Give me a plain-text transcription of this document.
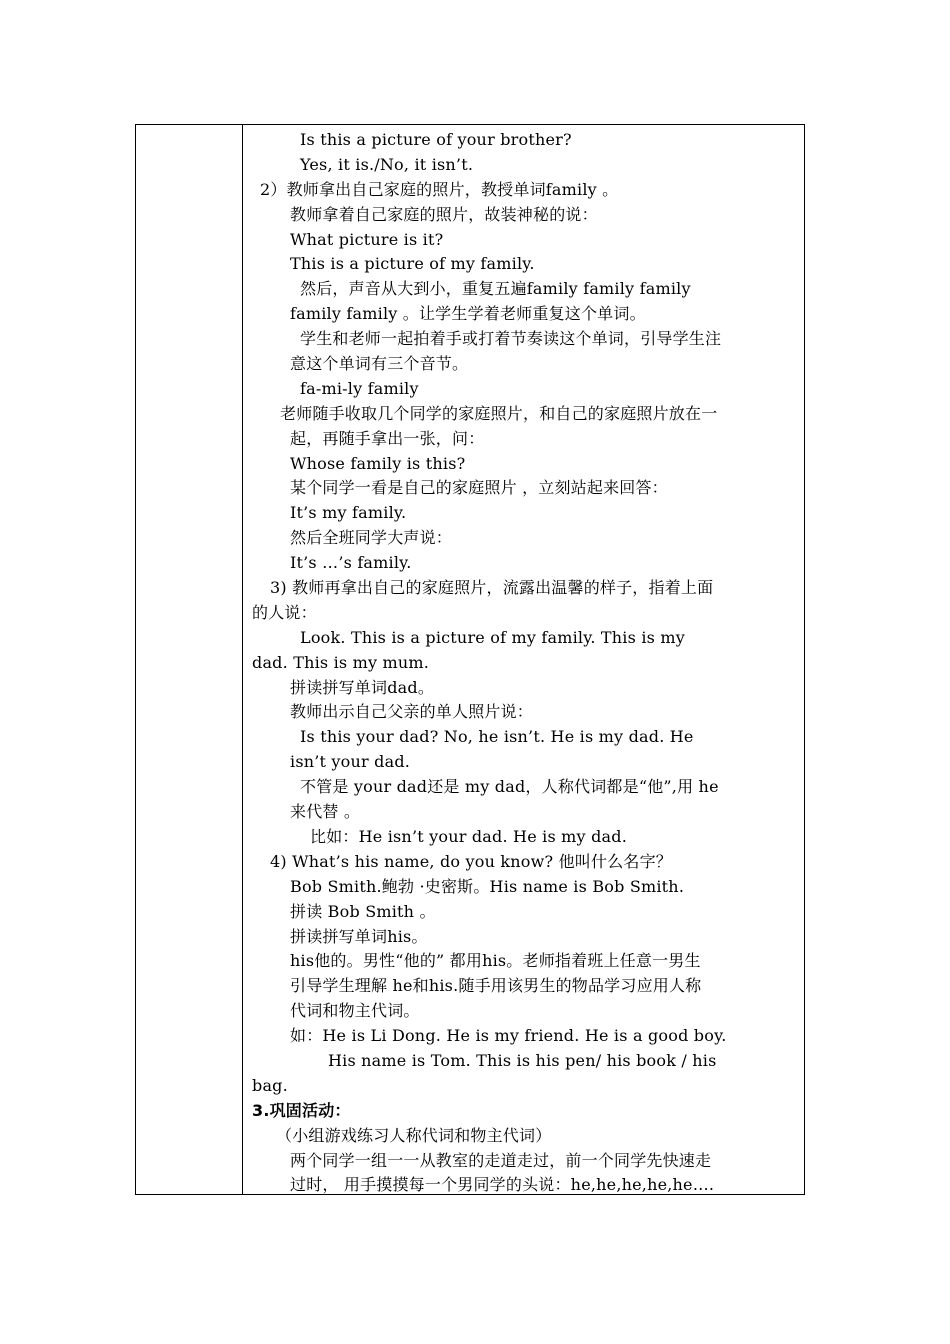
Is this a picture of your brother?
Yes, it is./No, it isn’t.
2）教师拿出自己家庭的照片，教授单词family 。
教师拿着自己家庭的照片，故装神秘的说：
What picture is it?
This is a picture of my family.
然后，声音从大到小，重复五遍family family family
family family 。让学生学着老师重复这个单词。
学生和老师一起拍着手或打着节奏读这个单词，引导学生注
意这个单词有三个音节。
fa-mi-ly family
老师随手收取几个同学的家庭照片，和自己的家庭照片放在一
起，再随手拿出一张，问：
Whose family is this?
某个同学一看是自己的家庭照片 ，立刻站起来回答：
It’s my family.
然后全班同学大声说：
It’s …’s family.
3) 教师再拿出自己的家庭照片，流露出温馨的样子，指着上面
的人说：
Look. This is a picture of my family. This is my
dad. This is my mum.
拼读拼写单词dad。
教师出示自己父亲的单人照片说：
Is this your dad? No, he isn’t. He is my dad. He
isn’t your dad.
不管是 your dad还是 my dad，人称代词都是“他”,用 he
来代替 。
比如：He isn’t your dad. He is my dad.
4) What’s his name, do you know? 他叫什么名字？
Bob Smith.鲍勃 ·史密斯。His name is Bob Smith.
拼读 Bob Smith 。
拼读拼写单词his。
his他的。男性“他的” 都用his。老师指着班上任意一男生
引导学生理解 he和his.随手用该男生的物品学习应用人称
代词和物主代词。
如：He is Li Dong. He is my friend. He is a good boy.
His name is Tom. This is his pen/ his book / his
bag.
3.巩固活动：
（小组游戏练习人称代词和物主代词）
两个同学一组一一从教室的走道走过，前一个同学先快速走
过时， 用手摸摸每一个男同学的头说：he,he,he,he,he….
